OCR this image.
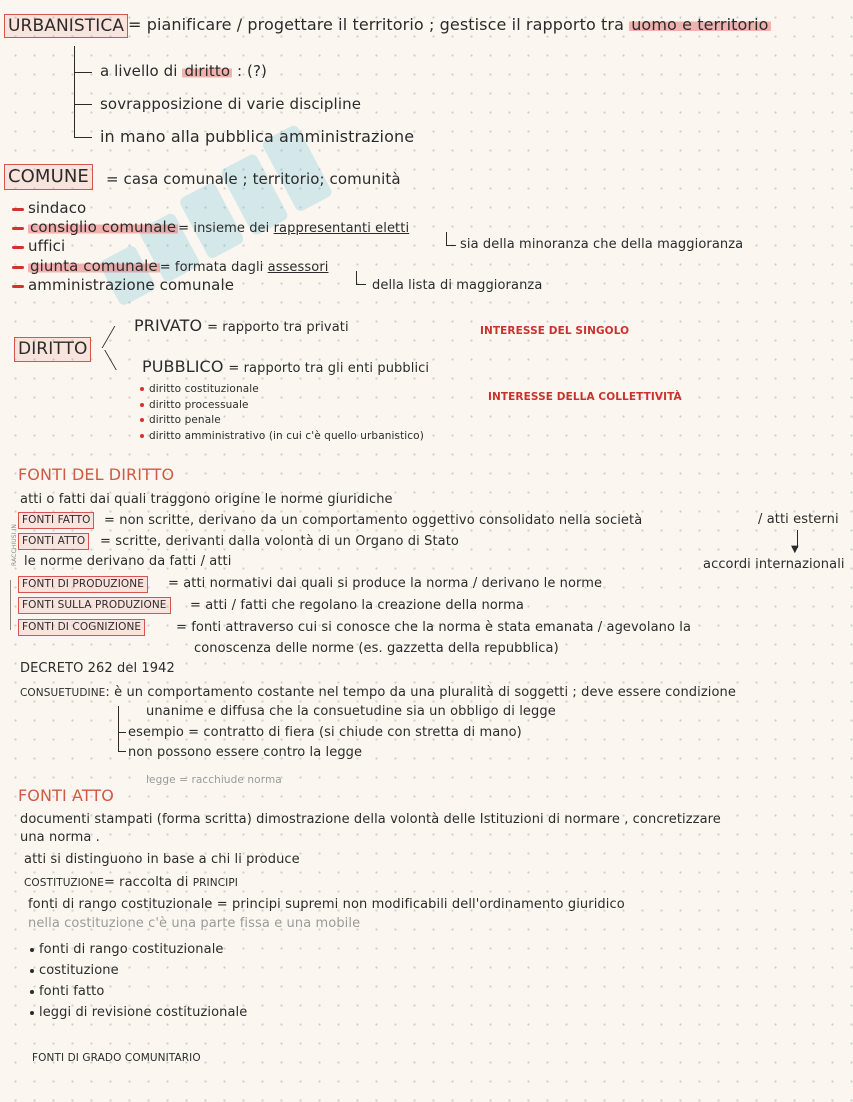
URBANISTICA = pianificare / progettare il territorio ; gestisce il rapporto tra uomo e territorio
a livello di diritto : (?)
sovrapposizione di varie discipline
in mano alla pubblica amministrazione
COMUNE = casa comunale ; territorio; comunità
sindaco
consiglio comunale = insieme dei rappresentanti eletti
sia della minoranza che della maggioranza
uffici
giunta comunale = formata dagli assessori
della lista di maggioranza
amministrazione comunale
DIRITTO
PRIVATO = rapporto tra privati	INTERESSE DEL SINGOLO
PUBBLICO = rapporto tra gli enti pubblici
INTERESSE DELLA COLLETTIVITÀ
diritto costituzionale
diritto processuale
diritto penale
diritto amministrativo (in cui c'è quello urbanistico)
FONTI DEL DIRITTO
atti o fatti dai quali traggono origine le norme giuridiche
RACCHIUSI IN
FONTI FATTO	= non scritte, derivano da un comportamento oggettivo consolidato nella società	/ atti esterni
▼
FONTI ATTO	= scritte, derivanti dalla volontà di un Organo di Stato
le norme derivano da fatti / atti	accordi internazionali
FONTI DI PRODUZIONE	= atti normativi dai quali si produce la norma / derivano le norme
FONTI SULLA PRODUZIONE	= atti / fatti che regolano la creazione della norma
FONTI DI COGNIZIONE	= fonti attraverso cui si conosce che la norma è stata emanata / agevolano la
conoscenza delle norme (es. gazzetta della repubblica)
DECRETO 262 del 1942
CONSUETUDINE: è un comportamento costante nel tempo da una pluralità di soggetti ; deve essere condizione
unanime e diffusa che la consuetudine sia un obbligo di legge
esempio = contratto di fiera (si chiude con stretta di mano)
non possono essere contro la legge
legge = racchiude norma
FONTI ATTO
documenti stampati (forma scritta) dimostrazione della volontà delle Istituzioni di normare , concretizzare
una norma .
atti si distinguono in base a chi li produce
COSTITUZIONE= raccolta di PRINCIPI
fonti di rango costituzionale = principi supremi non modificabili dell'ordinamento giuridico
nella costituzione c'è una parte fissa e una mobile
fonti di rango costituzionale
costituzione
fonti fatto
leggi di revisione costituzionale
FONTI DI GRADO COMUNITARIO
